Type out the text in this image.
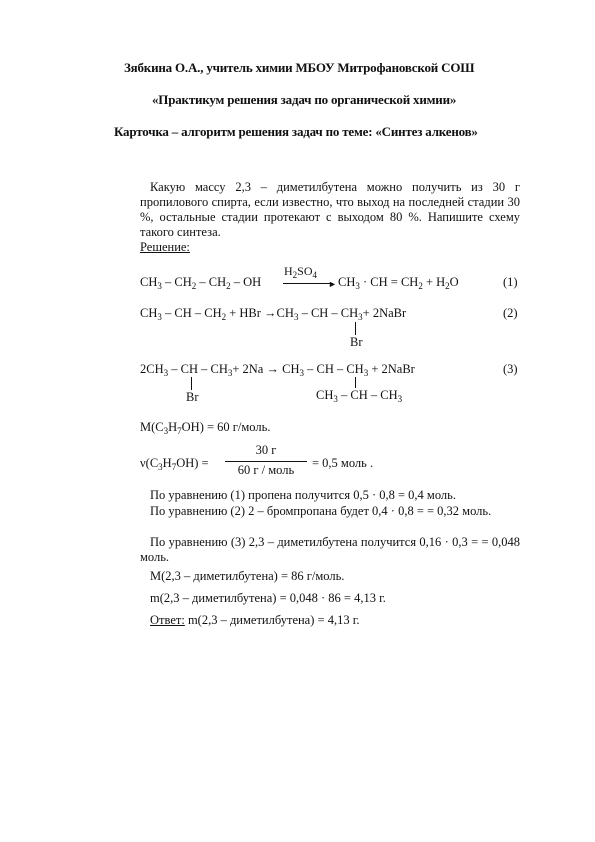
Зябкина О.А., учитель химии МБОУ Митрофановской СОШ
«Практикум решения задач по органической химии»
Карточка – алгоритм решения задач по теме: «Синтез алкенов»
Какую массу 2,3 – диметилбутена можно получить из 30 г пропилового спирта, если известно, что выход на последней стадии 30 %, остальные стадии протекают с выходом 80 %. Напишите схему такого синтеза.
Решение:
$CH_3 - CH_2 - CH_2$ – OH
$H_2SO_4$
► $CH_3$ · CH = $CH_2 + H_2O$	(1)
$CH_3$ – CH – $CH_2$ + HBr $\to CH_3$ – CH – $CH_3+$ 2NaBr
Br
(2)
$2CH_3$ – CH – $CH_3+ 2Na \to CH_3$ – CH – $CH_3$ + 2NaBr
Br	$CH_3$ – CH – $CH_3$
(3)
$M(C_3H_7OH) = 60$ г/моль.
$\nu(C_3H_7OH)$ =
30 г
60 г / моль	= 0,5 моль .
По уравнению (1) пропена получится 0,5 · 0,8 = 0,4 моль.
По уравнению (2) 2 – бромпропана будет 0,4 · 0,8 = = 0,32 моль.
По уравнению (3) 2,3 – диметилбутена получится 0,16 · 0,3 = = 0,048 моль.
M(2,3 – диметилбутена) = 86 г/моль.
m(2,3 – диметилбутена) = 0,048 · 86 = 4,13 г.
Ответ: m(2,3 – диметилбутена) = 4,13 г.
